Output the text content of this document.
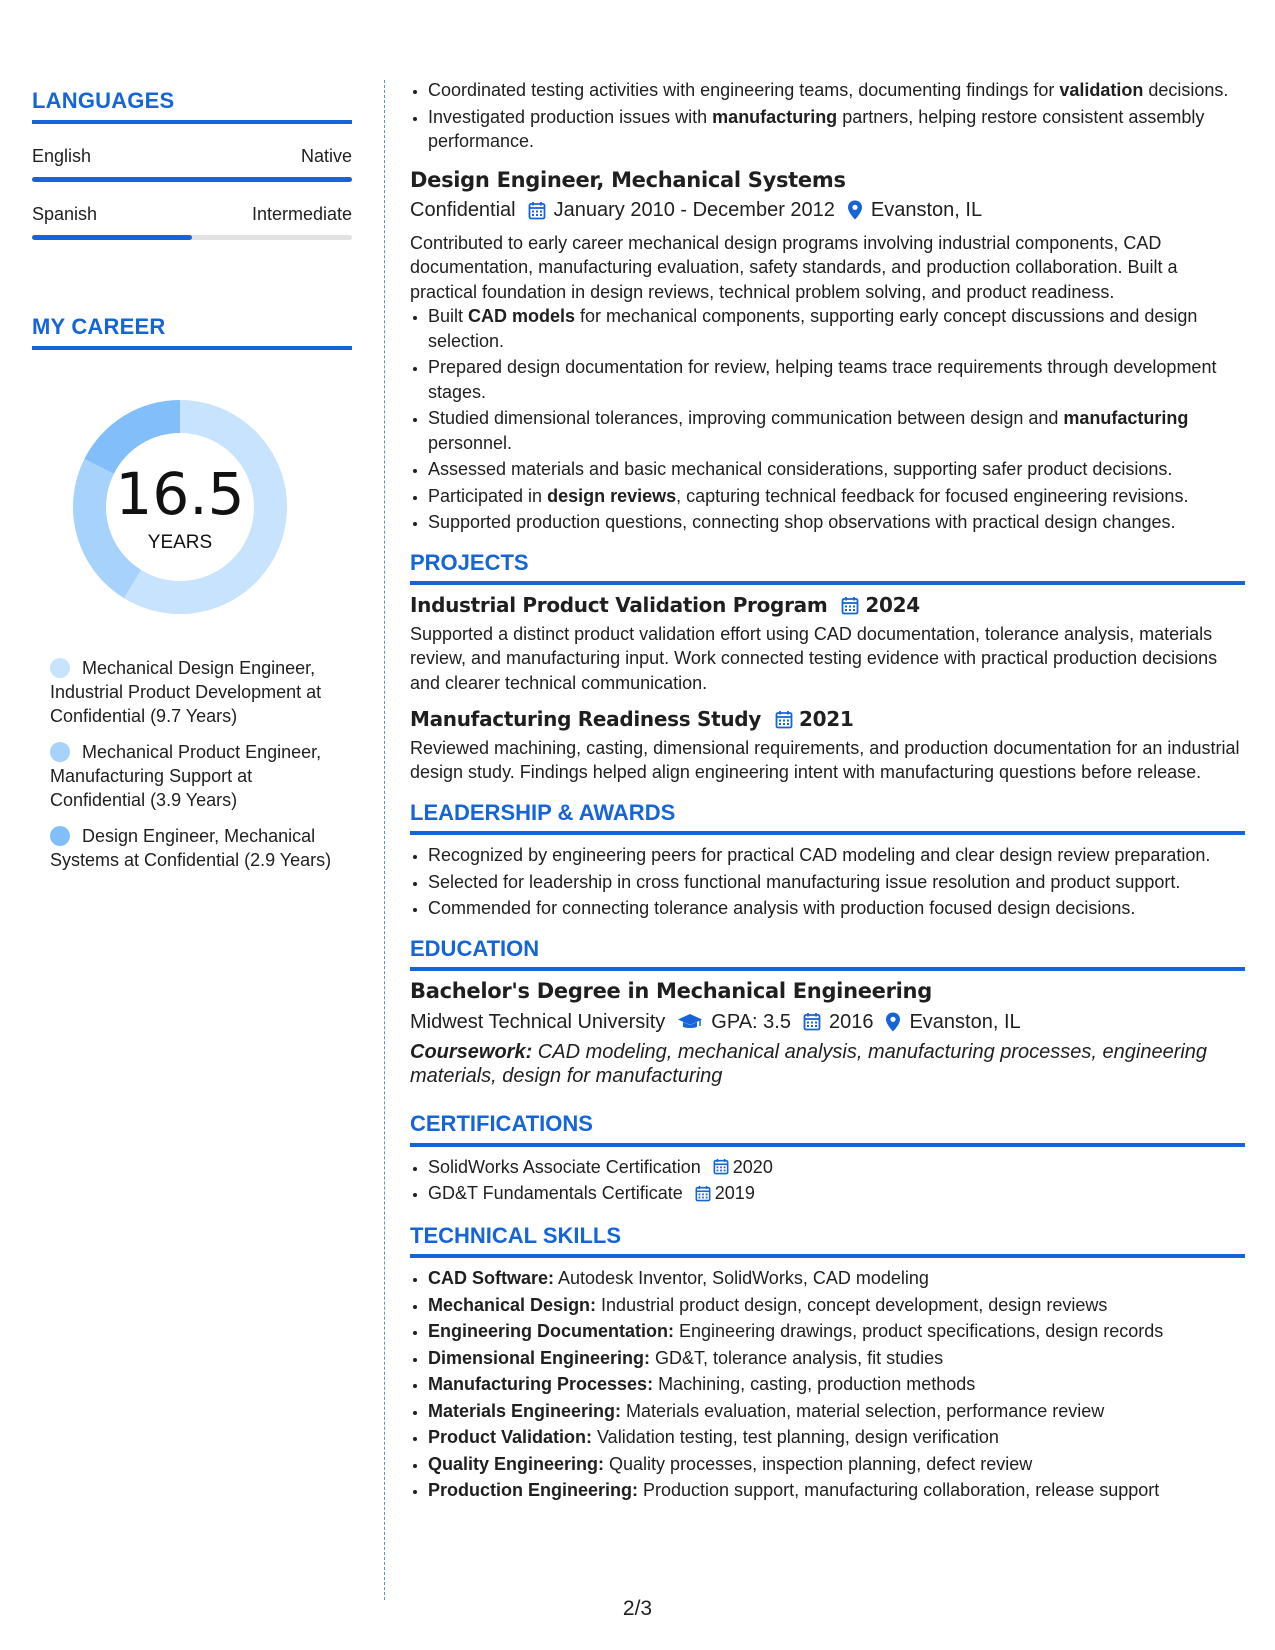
LANGUAGES
English	Native
Spanish	Intermediate
MY CAREER
16.5
YEARS
Mechanical Design Engineer, Industrial Product Development at Confidential (9.7 Years)
Mechanical Product Engineer, Manufacturing Support at Confidential (3.9 Years)
Design Engineer, Mechanical Systems at Confidential (2.9 Years)
• Coordinated testing activities with engineering teams, documenting findings for validation decisions.
• Investigated production issues with manufacturing partners, helping restore consistent assembly performance.
Design Engineer, Mechanical Systems
Confidential January 2010 - December 2012 Evanston, IL
Contributed to early career mechanical design programs involving industrial components, CAD documentation, manufacturing evaluation, safety standards, and production collaboration. Built a practical foundation in design reviews, technical problem solving, and product readiness.
• Built CAD models for mechanical components, supporting early concept discussions and design selection.
• Prepared design documentation for review, helping teams trace requirements through development stages.
• Studied dimensional tolerances, improving communication between design and manufacturing personnel.
• Assessed materials and basic mechanical considerations, supporting safer product decisions.
• Participated in design reviews, capturing technical feedback for focused engineering revisions.
• Supported production questions, connecting shop observations with practical design changes.
PROJECTS
Industrial Product Validation Program 2024
Supported a distinct product validation effort using CAD documentation, tolerance analysis, materials review, and manufacturing input. Work connected testing evidence with practical production decisions and clearer technical communication.
Manufacturing Readiness Study 2021
Reviewed machining, casting, dimensional requirements, and production documentation for an industrial design study. Findings helped align engineering intent with manufacturing questions before release.
LEADERSHIP & AWARDS
• Recognized by engineering peers for practical CAD modeling and clear design review preparation.
• Selected for leadership in cross functional manufacturing issue resolution and product support.
• Commended for connecting tolerance analysis with production focused design decisions.
EDUCATION
Bachelor's Degree in Mechanical Engineering
Midwest Technical University GPA: 3.5 2016 Evanston, IL
Coursework: CAD modeling, mechanical analysis, manufacturing processes, engineering materials, design for manufacturing
CERTIFICATIONS
• SolidWorks Associate Certification 2020
• GD&T Fundamentals Certificate 2019
TECHNICAL SKILLS
• CAD Software: Autodesk Inventor, SolidWorks, CAD modeling
• Mechanical Design: Industrial product design, concept development, design reviews
• Engineering Documentation: Engineering drawings, product specifications, design records
• Dimensional Engineering: GD&T, tolerance analysis, fit studies
• Manufacturing Processes: Machining, casting, production methods
• Materials Engineering: Materials evaluation, material selection, performance review
• Product Validation: Validation testing, test planning, design verification
• Quality Engineering: Quality processes, inspection planning, defect review
• Production Engineering: Production support, manufacturing collaboration, release support
2/3
